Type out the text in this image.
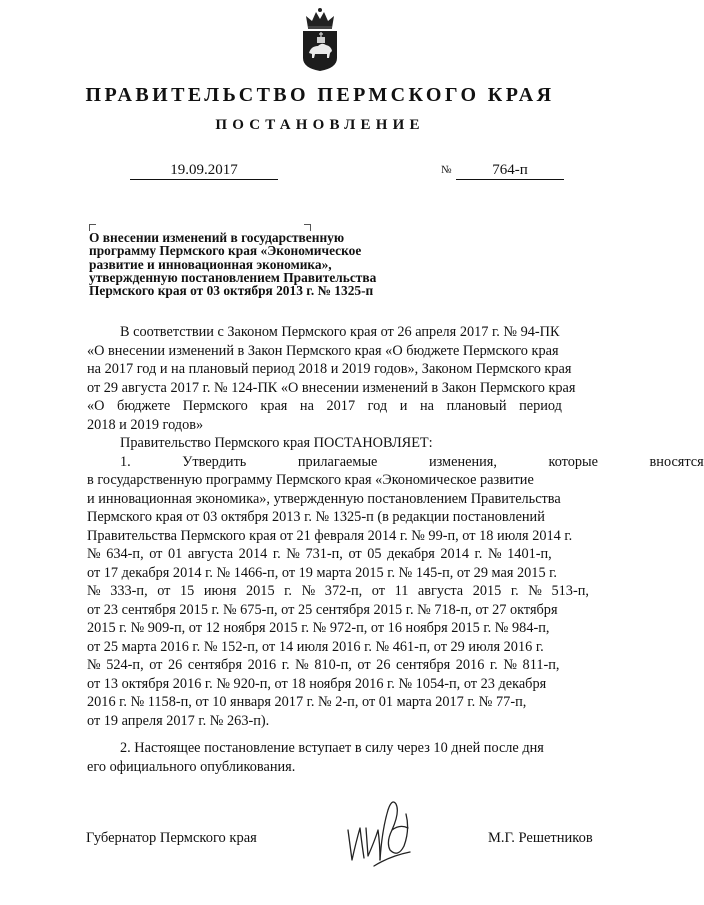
ПРАВИТЕЛЬСТВО ПЕРМСКОГО КРАЯ
ПОСТАНОВЛЕНИЕ
19.09.2017	№	764-п
О внесении изменений в государственную
программу Пермского края «Экономическое
развитие и инновационная экономика»,
утвержденную постановлением Правительства
Пермского края от 03 октября 2013 г. № 1325-п
В соответствии с Законом Пермского края от 26 апреля 2017 г. № 94-ПК
«О внесении изменений в Закон Пермского края «О бюджете Пермского края
на 2017 год и на плановый период 2018 и 2019 годов», Законом Пермского края
от 29 августа 2017 г. № 124-ПК «О внесении изменений в Закон Пермского края
«О бюджете Пермского края на 2017 год и на плановый период
2018 и 2019 годов»
Правительство Пермского края ПОСТАНОВЛЯЕТ:
1. Утвердить прилагаемые изменения, которые вносятся
в государственную программу Пермского края «Экономическое развитие
и инновационная экономика», утвержденную постановлением Правительства
Пермского края от 03 октября 2013 г. № 1325-п (в редакции постановлений
Правительства Пермского края от 21 февраля 2014 г. № 99-п, от 18 июля 2014 г.
№ 634-п, от 01 августа 2014 г. № 731-п, от 05 декабря 2014 г. № 1401-п,
от 17 декабря 2014 г. № 1466-п, от 19 марта 2015 г. № 145-п, от 29 мая 2015 г.
№ 333-п, от 15 июня 2015 г. № 372-п, от 11 августа 2015 г. № 513-п,
от 23 сентября 2015 г. № 675-п, от 25 сентября 2015 г. № 718-п, от 27 октября
2015 г. № 909-п, от 12 ноября 2015 г. № 972-п, от 16 ноября 2015 г. № 984-п,
от 25 марта 2016 г. № 152-п, от 14 июля 2016 г. № 461-п, от 29 июля 2016 г.
№ 524-п, от 26 сентября 2016 г. № 810-п, от 26 сентября 2016 г. № 811-п,
от 13 октября 2016 г. № 920-п, от 18 ноября 2016 г. № 1054-п, от 23 декабря
2016 г. № 1158-п, от 10 января 2017 г. № 2-п, от 01 марта 2017 г. № 77-п,
от 19 апреля 2017 г. № 263-п).
2. Настоящее постановление вступает в силу через 10 дней после дня
его официального опубликования.
Губернатор Пермского края	М.Г. Решетников
